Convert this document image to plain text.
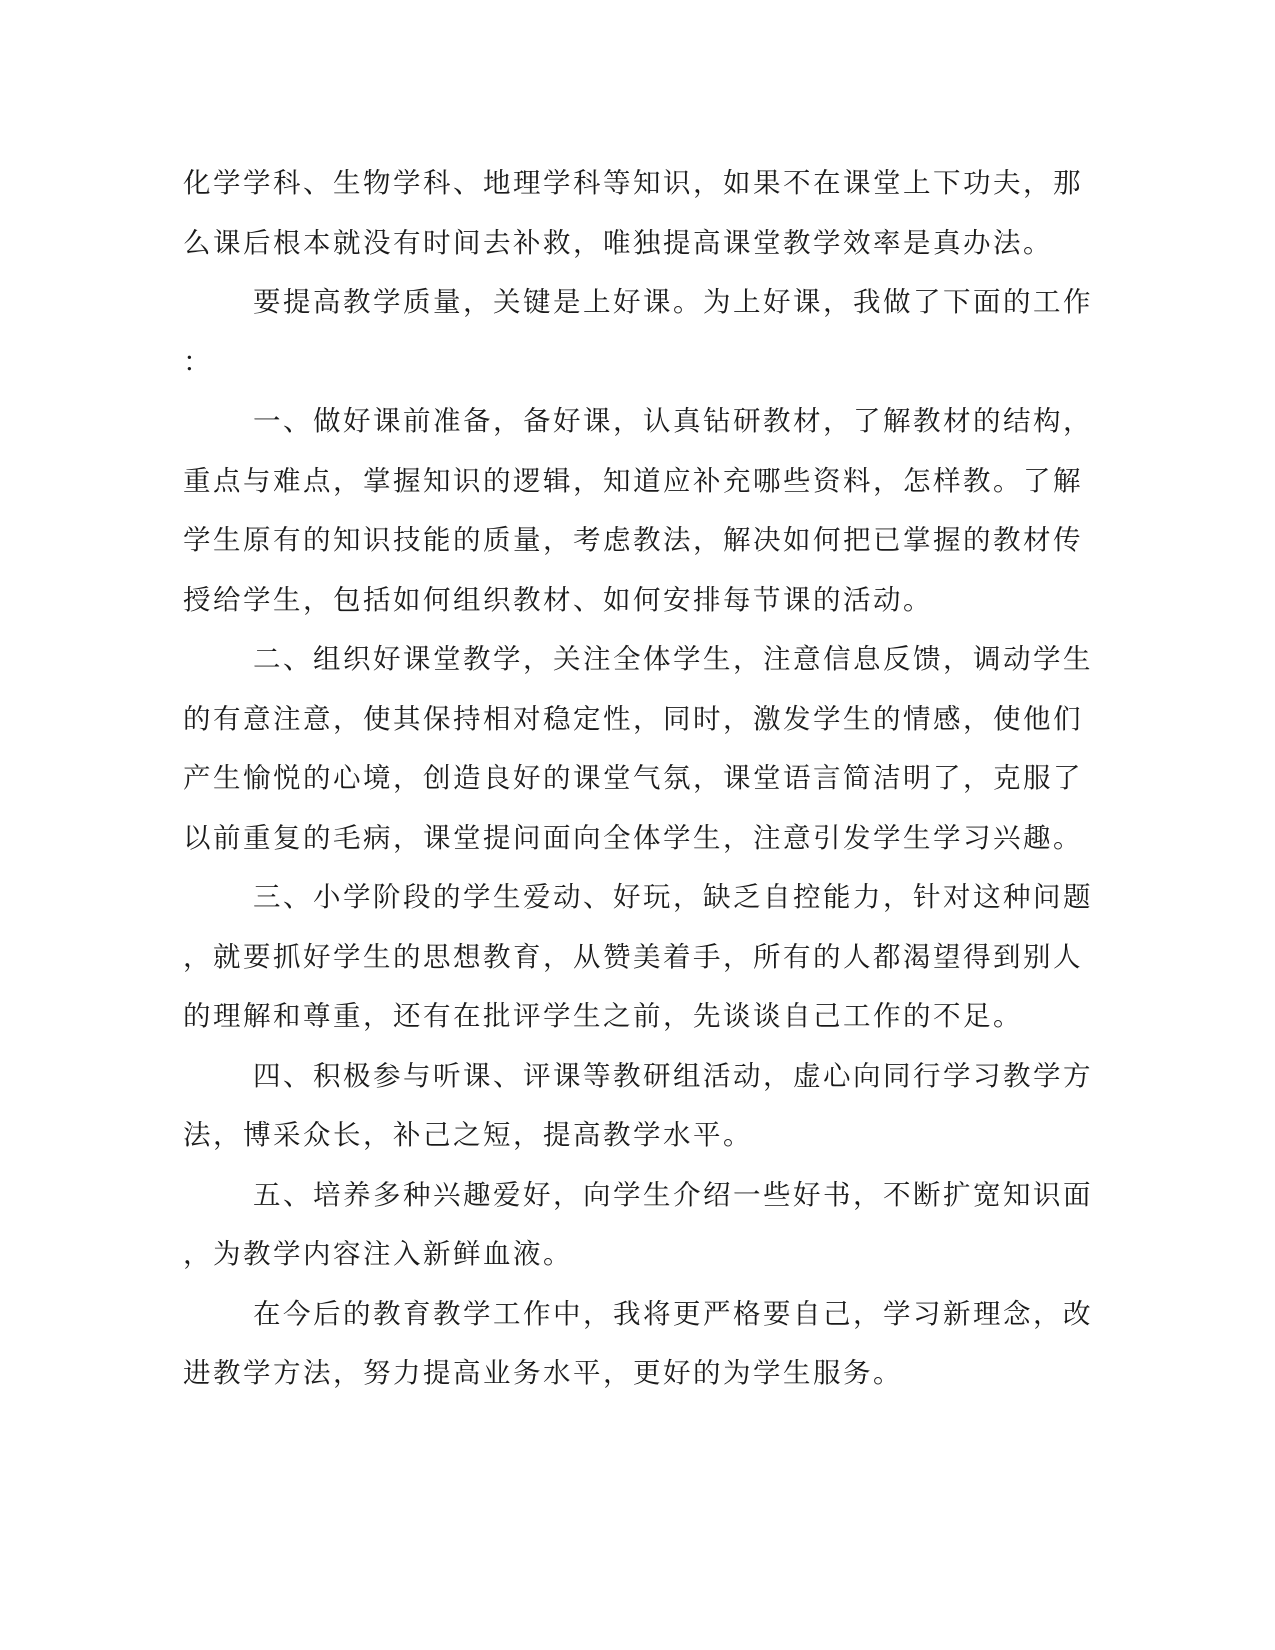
化学学科、生物学科、地理学科等知识，如果不在课堂上下功夫，那
么课后根本就没有时间去补救，唯独提高课堂教学效率是真办法。
要提高教学质量，关键是上好课。为上好课，我做了下面的工作
：
一、做好课前准备，备好课，认真钻研教材，了解教材的结构，
重点与难点，掌握知识的逻辑，知道应补充哪些资料，怎样教。了解
学生原有的知识技能的质量，考虑教法，解决如何把已掌握的教材传
授给学生，包括如何组织教材、如何安排每节课的活动。
二、组织好课堂教学，关注全体学生，注意信息反馈，调动学生
的有意注意，使其保持相对稳定性，同时，激发学生的情感，使他们
产生愉悦的心境，创造良好的课堂气氛，课堂语言简洁明了，克服了
以前重复的毛病，课堂提问面向全体学生，注意引发学生学习兴趣。
三、小学阶段的学生爱动、好玩，缺乏自控能力，针对这种问题
，就要抓好学生的思想教育，从赞美着手，所有的人都渴望得到别人
的理解和尊重，还有在批评学生之前，先谈谈自己工作的不足。
四、积极参与听课、评课等教研组活动，虚心向同行学习教学方
法，博采众长，补己之短，提高教学水平。
五、培养多种兴趣爱好，向学生介绍一些好书，不断扩宽知识面
，为教学内容注入新鲜血液。
在今后的教育教学工作中，我将更严格要自己，学习新理念，改
进教学方法，努力提高业务水平，更好的为学生服务。
